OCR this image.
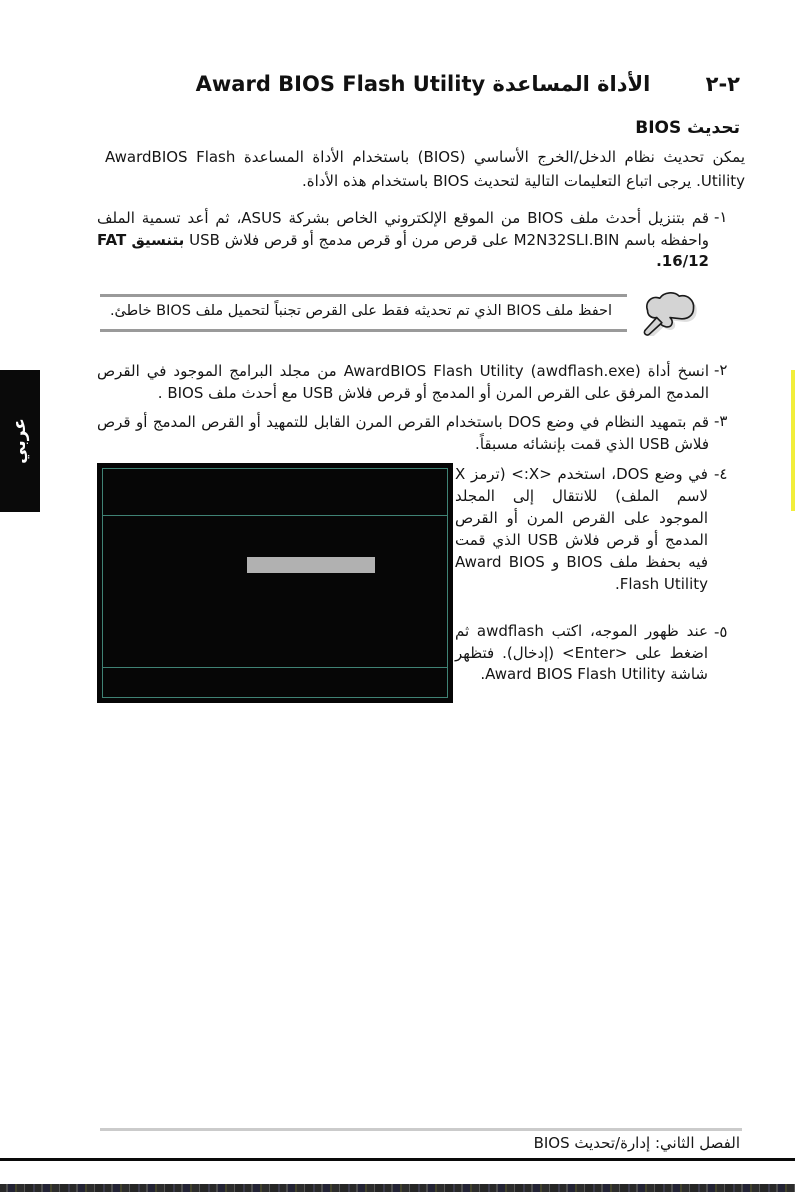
عربي
٢-٢ الأداة المساعدة Award BIOS Flash Utility
تحديث BIOS
يمكن تحديث نظام الدخل/الخرج الأساسي (BIOS) باستخدام الأداة المساعدة AwardBIOS Flash Utility. يرجى اتباع التعليمات التالية لتحديث BIOS باستخدام هذه الأداة.
١-
قم بتنزيل أحدث ملف BIOS من الموقع الإلكتروني الخاص بشركة ASUS، ثم أعد تسمية الملف واحفظه باسم M2N32SLI.BIN على قرص مرن أو قرص مدمج أو قرص فلاش USB بتنسيق FAT 16/12.
احفظ ملف BIOS الذي تم تحديثه فقط على القرص تجنباً لتحميل ملف BIOS خاطئ.
٢-
انسخ أداة AwardBIOS Flash Utility (awdflash.exe) من مجلد البرامج الموجود في القرص المدمج المرفق على القرص المرن أو المدمج أو قرص فلاش USB مع أحدث ملف BIOS .
٣-
قم بتمهيد النظام في وضع DOS باستخدام القرص المرن القابل للتمهيد أو القرص المدمج أو قرص فلاش USB الذي قمت بإنشائه مسبقاً.
٤-
في وضع DOS، استخدم <X:> (ترمز X لاسم الملف) للانتقال إلى المجلد الموجود على القرص المرن أو القرص المدمج أو قرص فلاش USB الذي قمت فيه بحفظ ملف BIOS و Award BIOS Flash Utility.
٥-
عند ظهور الموجه، اكتب awdflash ثم اضغط على <Enter> (إدخال). فتظهر شاشة Award BIOS Flash Utility.
الفصل الثاني: إدارة/تحديث BIOS
